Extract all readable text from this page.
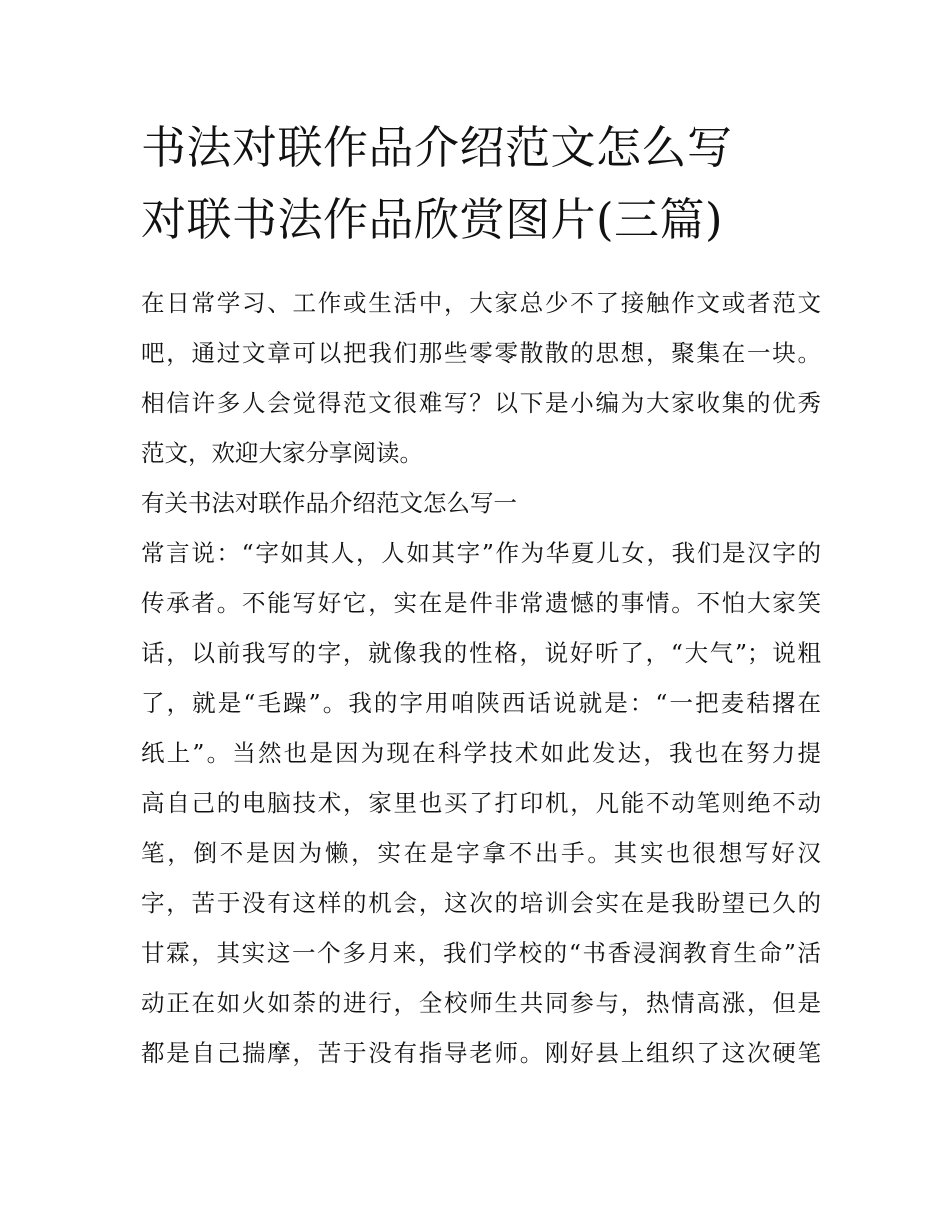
书法对联作品介绍范文怎么写
对联书法作品欣赏图片(三篇)
在日常学习、工作或生活中，大家总少不了接触作文或者范文
吧，通过文章可以把我们那些零零散散的思想，聚集在一块。
相信许多人会觉得范文很难写？以下是小编为大家收集的优秀
范文，欢迎大家分享阅读。
有关书法对联作品介绍范文怎么写一
常言说：“字如其人，人如其字”作为华夏儿女，我们是汉字的
传承者。不能写好它，实在是件非常遗憾的事情。不怕大家笑
话，以前我写的字，就像我的性格，说好听了，“大气”；说粗
了，就是“毛躁”。我的字用咱陕西话说就是：“一把麦秸撂在
纸上”。当然也是因为现在科学技术如此发达，我也在努力提
高自己的电脑技术，家里也买了打印机，凡能不动笔则绝不动
笔，倒不是因为懒，实在是字拿不出手。其实也很想写好汉
字，苦于没有这样的机会，这次的培训会实在是我盼望已久的
甘霖，其实这一个多月来，我们学校的“书香浸润教育生命”活
动正在如火如荼的进行，全校师生共同参与，热情高涨，但是
都是自己揣摩，苦于没有指导老师。刚好县上组织了这次硬笔
